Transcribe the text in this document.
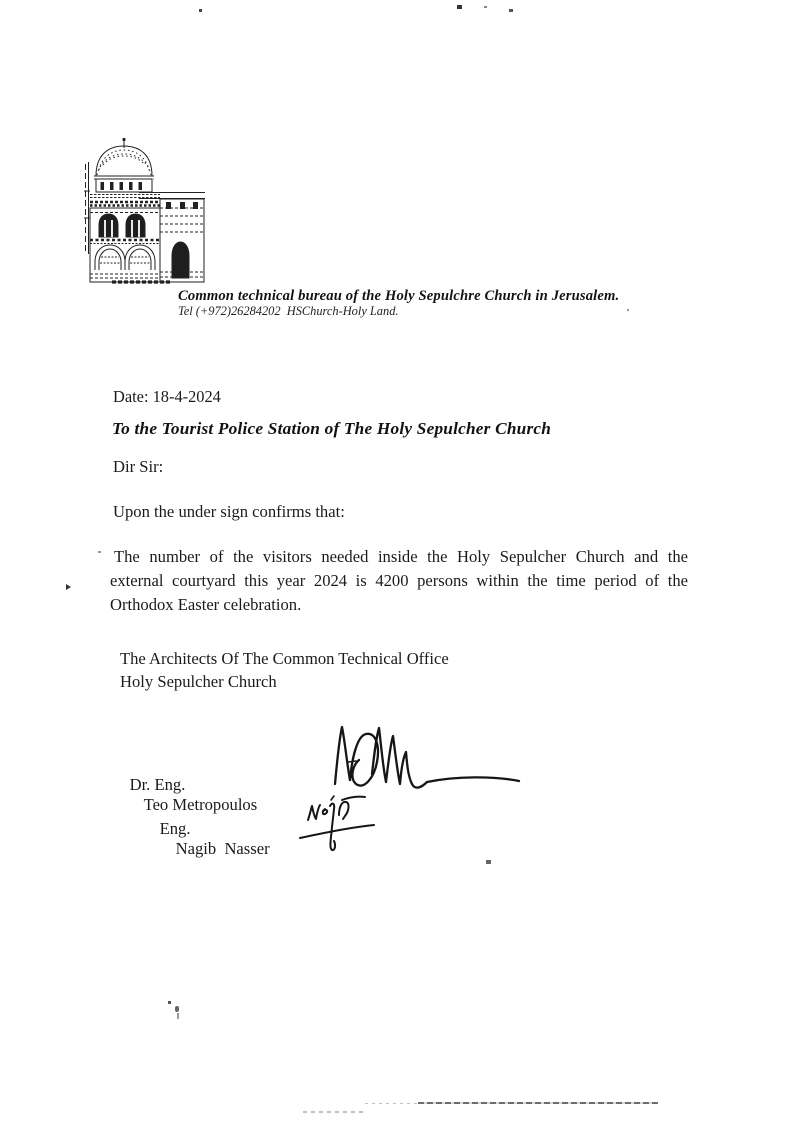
Common technical bureau of the Holy Sepulchre Church in Jerusalem.
Tel (+972)26284202  HSChurch-Holy Land.
Date: 18-4-2024
To the Tourist Police Station of The Holy Sepulcher Church
Dir Sir:
Upon the under sign confirms that:
The number of the visitors needed inside the Holy Sepulcher Church and the
external courtyard this year 2024 is 4200 persons within the time period of the
Orthodox Easter celebration.
The Architects Of The Common Technical Office
Holy Sepulcher Church

Dr. Eng.
Teo Metropoulos

Eng.
Nagib  Nasser
